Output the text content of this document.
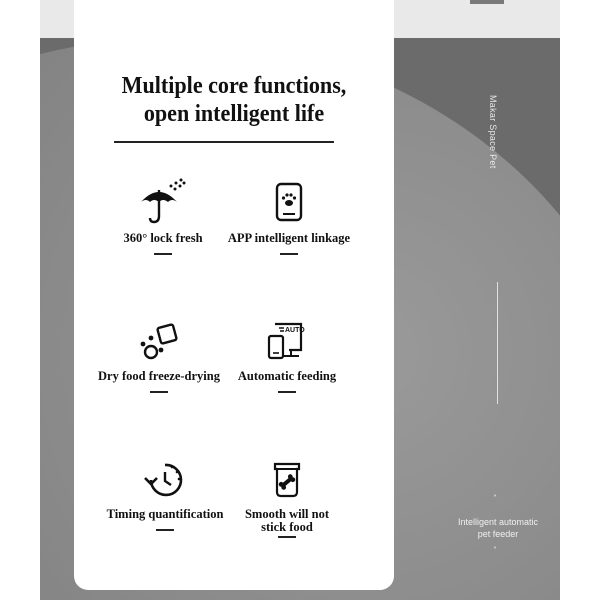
Makar Space Pet
˄
Intelligent automatic
pet feeder
˅
Multiple core functions,
open intelligent life
360° lock fresh	APP intelligent linkage
Dry food freeze-drying
AUTO
Automatic feeding
Timing quantification	Smooth will not
stick food
